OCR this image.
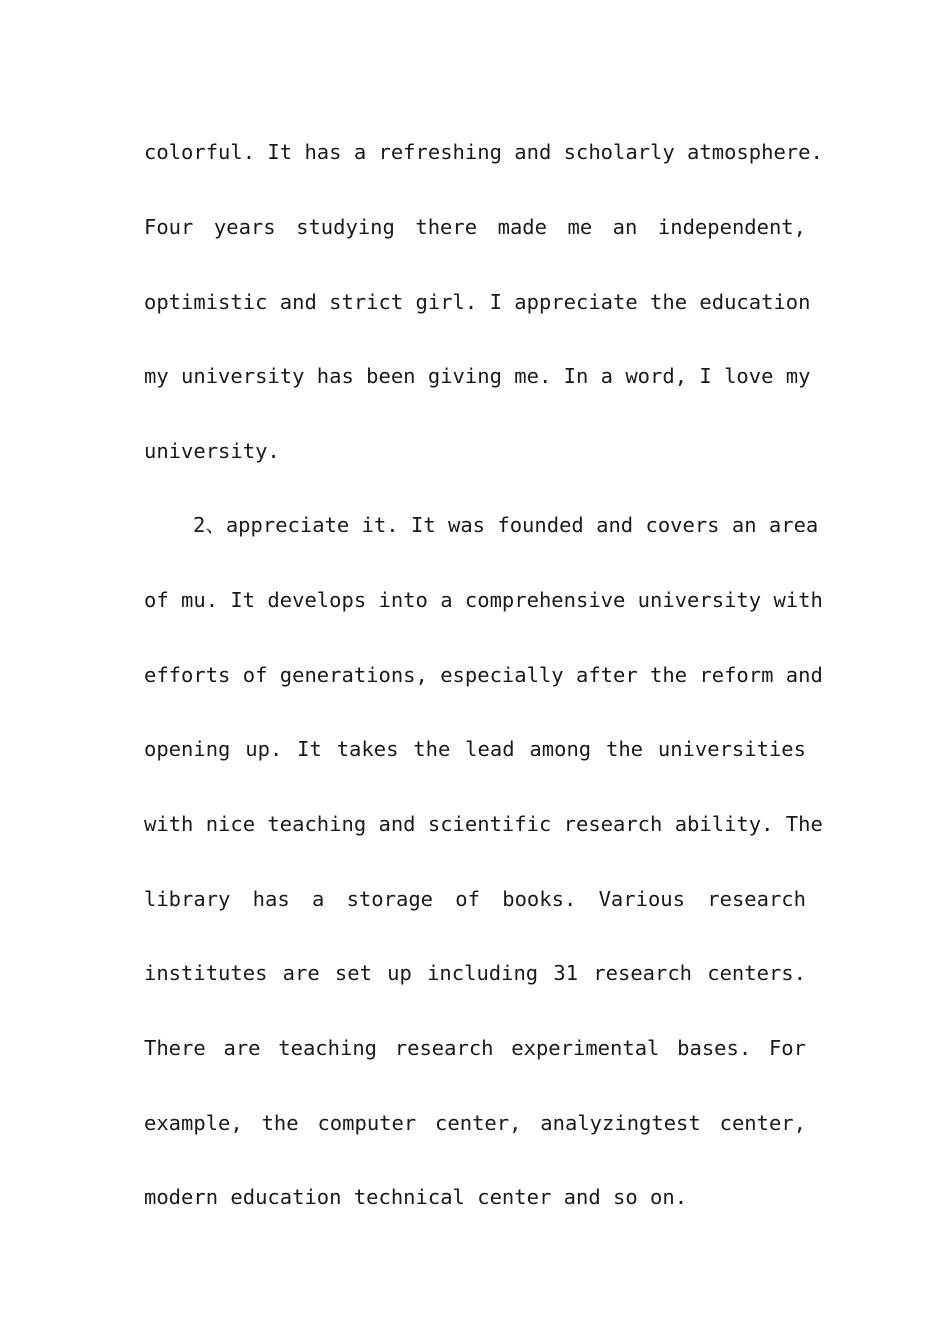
colorful. It has a refreshing and scholarly atmosphere.
Four years studying there made me an independent,
optimistic and strict girl. I appreciate the education
my university has been giving me. In a word, I love my
university.
2、appreciate it. It was founded and covers an area
of mu. It develops into a comprehensive university with
efforts of generations, especially after the reform and
opening up. It takes the lead among the universities
with nice teaching and scientific research ability. The
library has a storage of books. Various research
institutes are set up including 31 research centers.
There are teaching research experimental bases. For
example, the computer center, analyzingtest center,
modern education technical center and so on.
